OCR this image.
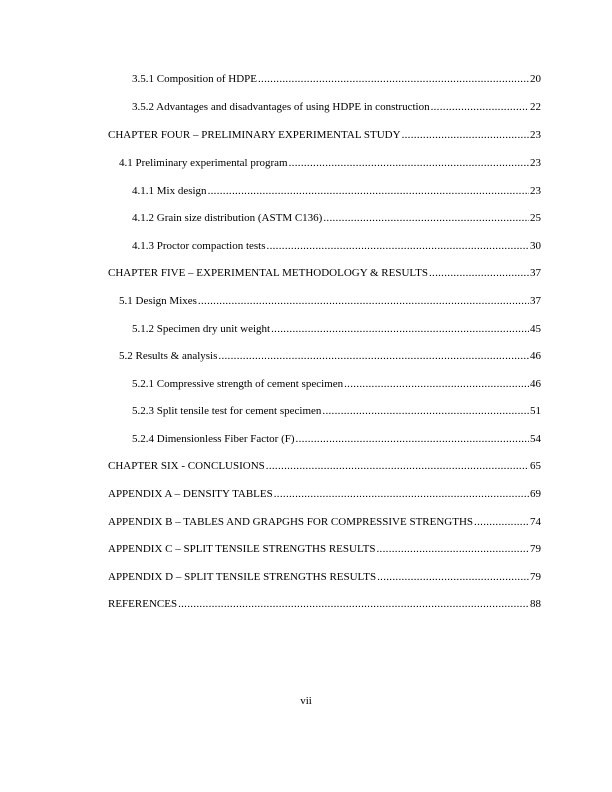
3.5.1 Composition of HDPE .....	20
3.5.2 Advantages and disadvantages of using HDPE in construction .....	22
CHAPTER FOUR – PRELIMINARY EXPERIMENTAL STUDY .....	23
4.1 Preliminary experimental program .....	23
4.1.1 Mix design .....	23
4.1.2 Grain size distribution (ASTM C136) .....	25
4.1.3 Proctor compaction tests .....	30
CHAPTER FIVE – EXPERIMENTAL METHODOLOGY & RESULTS .....	37
5.1 Design Mixes .....	37
5.1.2 Specimen dry unit weight .....	45
5.2 Results & analysis .....	46
5.2.1 Compressive strength of cement specimen .....	46
5.2.3 Split tensile test for cement specimen .....	51
5.2.4 Dimensionless Fiber Factor (F) .....	54
CHAPTER SIX - CONCLUSIONS .....	65
APPENDIX A – DENSITY TABLES .....	69
APPENDIX B – TABLES AND GRAPGHS FOR COMPRESSIVE STRENGTHS .....	74
APPENDIX C – SPLIT TENSILE STRENGTHS RESULTS .....	79
APPENDIX D – SPLIT TENSILE STRENGTHS RESULTS .....	79
REFERENCES .....	88
vii
